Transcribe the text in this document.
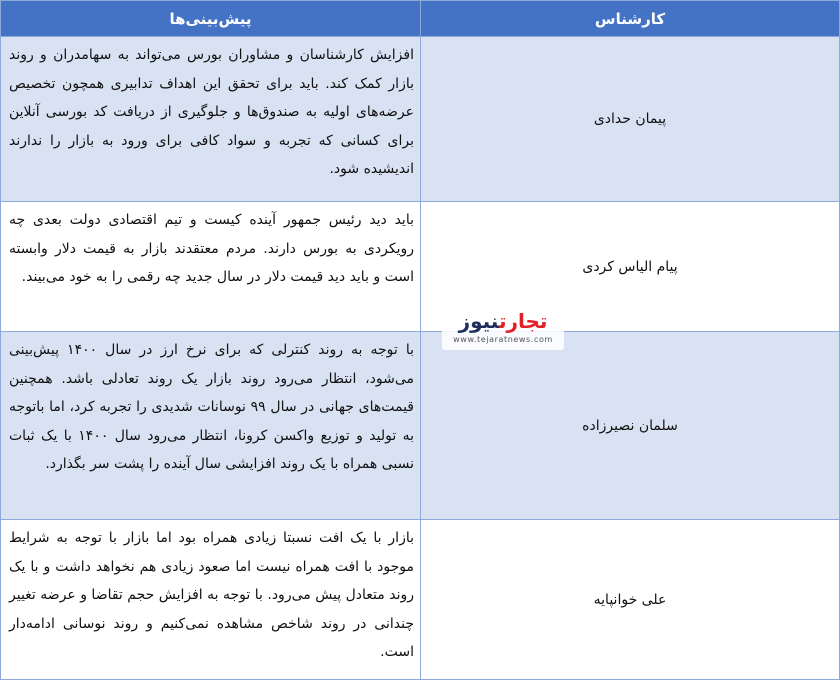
کارشناس	پیش‌بینی‌ها
پیمان حدادی	افزایش کارشناسان و مشاوران بورس می‌تواند به سهامدران و روند بازار کمک کند. باید برای تحقق این اهداف تدابیری همچون تخصیص عرضه‌های اولیه به صندوق‌ها و جلوگیری از دریافت کد بورسی آنلاین برای کسانی که تجربه و سواد کافی برای ورود به بازار را ندارند اندیشیده شود.
پیام الیاس کردی	باید دید رئیس جمهور آینده کیست و تیم اقتصادی دولت بعدی چه رویکردی به بورس دارند. مردم معتقدند بازار به قیمت دلار وابسته است و باید دید قیمت دلار در سال جدید چه رقمی را به خود می‌بیند.
سلمان نصیرزاده	با توجه به روند کنترلی که برای نرخ ارز در سال ۱۴۰۰ پیش‌بینی می‌شود، انتظار می‌رود روند بازار یک روند تعادلی باشد. همچنین قیمت‌های جهانی در سال ۹۹ نوسانات شدیدی را تجربه کرد، اما باتوجه به تولید و توزیع واکسن کرونا، انتظار می‌رود سال ۱۴۰۰ با یک ثبات نسبی همراه با یک روند افزایشی سال آینده را پشت سر بگذارد.
علی خوانپایه	بازار با یک افت نسبتا زیادی همراه بود اما بازار با توجه به شرایط موجود با افت همراه نیست اما صعود زیادی هم نخواهد داشت و با یک روند متعادل پیش می‌رود. با توجه به افزایش حجم تقاضا و عرضه تغییر چندانی در روند شاخص مشاهده نمی‌کنیم و روند نوسانی ادامه‌دار است.
تجارتنیوز
www.tejaratnews.com
